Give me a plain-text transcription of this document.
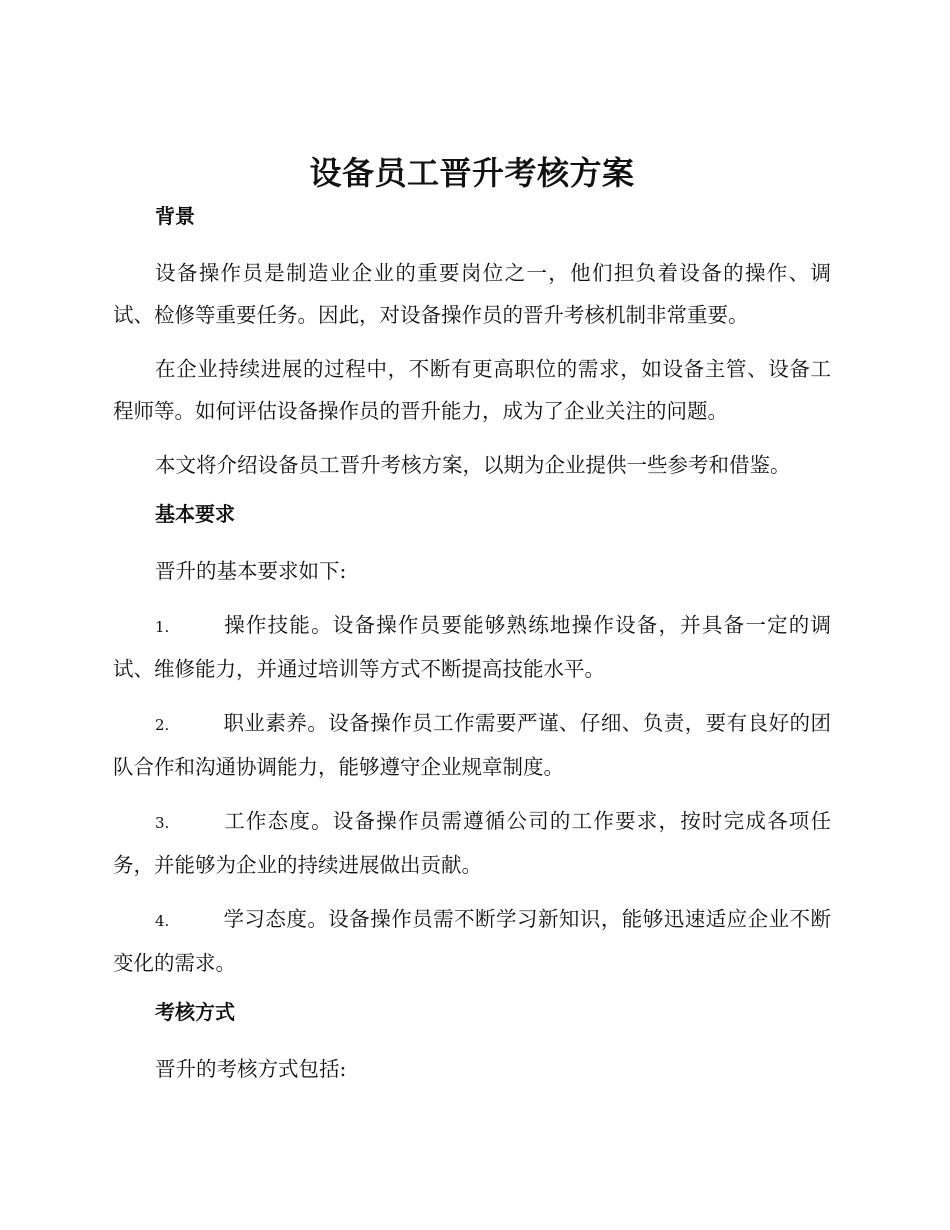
设备员工晋升考核方案
背景

设备操作员是制造业企业的重要岗位之一，他们担负着设备的操作、调试、检修等重要任务。因此，对设备操作员的晋升考核机制非常重要。

在企业持续进展的过程中，不断有更高职位的需求，如设备主管、设备工程师等。如何评估设备操作员的晋升能力，成为了企业关注的问题。

本文将介绍设备员工晋升考核方案，以期为企业提供一些参考和借鉴。

基本要求

晋升的基本要求如下:

1.	操作技能。设备操作员要能够熟练地操作设备，并具备一定的调试、维修能力，并通过培训等方式不断提高技能水平。

2.	职业素养。设备操作员工作需要严谨、仔细、负责，要有良好的团队合作和沟通协调能力，能够遵守企业规章制度。

3.	工作态度。设备操作员需遵循公司的工作要求，按时完成各项任务，并能够为企业的持续进展做出贡献。

4.	学习态度。设备操作员需不断学习新知识，能够迅速适应企业不断变化的需求。

考核方式

晋升的考核方式包括:
